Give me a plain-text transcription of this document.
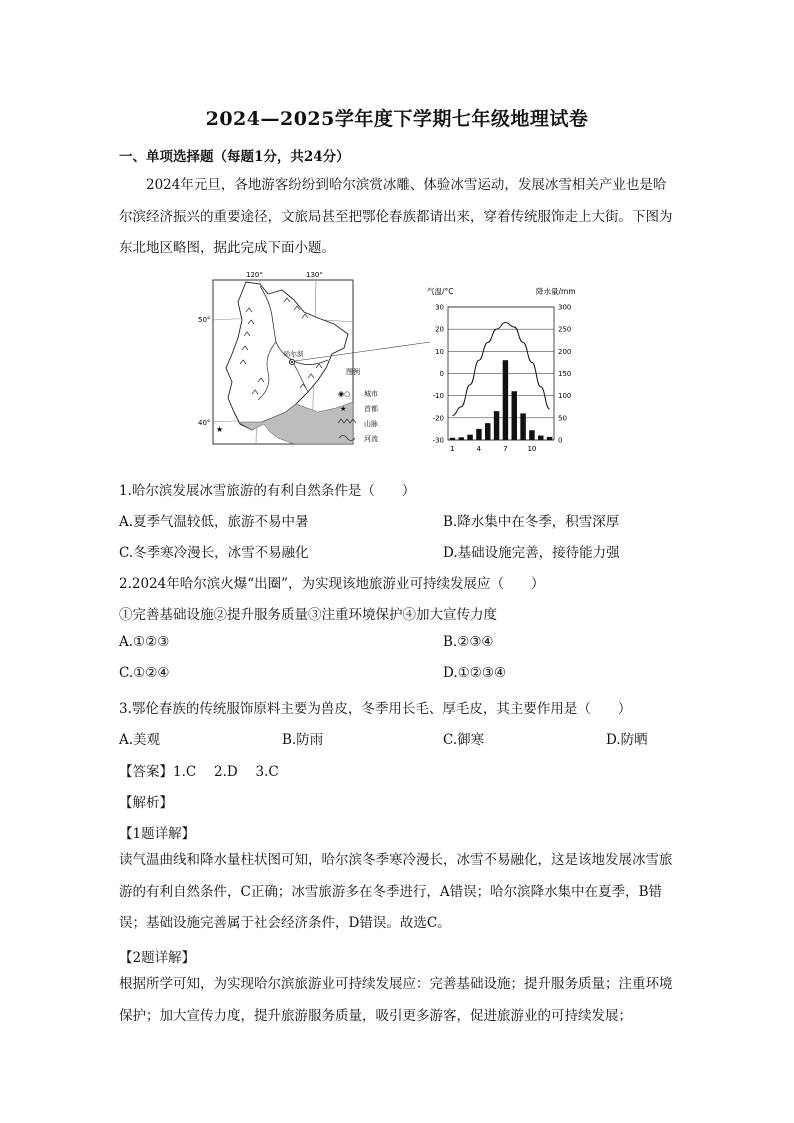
2024—2025学年度下学期七年级地理试卷
一、单项选择题（每题1分，共24分）
2024年元旦，各地游客纷纷到哈尔滨赏冰雕、体验冰雪运动，发展冰雪相关产业也是哈尔滨经济振兴的重要途径，文旅局甚至把鄂伦春族都请出来，穿着传统服饰走上大街。下图为东北地区略图，据此完成下面小题。
120°	130°
50°
40°
哈尔滨
★
图例
◉○ 城市
★	首都
山脉
河流
气温/°C	降水量/mm
30	300
20	250
10	200
0	150
-10	100
-20	50
-30	0
1	4	7	10
1.哈尔滨发展冰雪旅游的有利自然条件是（　　）
A.夏季气温较低，旅游不易中暑	B.降水集中在冬季，积雪深厚
C.冬季寒冷漫长，冰雪不易融化	D.基础设施完善，接待能力强
2.2024年哈尔滨火爆“出圈”，为实现该地旅游业可持续发展应（　　）
①完善基础设施②提升服务质量③注重环境保护④加大宣传力度
A.①②③	B.②③④
C.①②④	D.①②③④
3.鄂伦春族的传统服饰原料主要为兽皮，冬季用长毛、厚毛皮，其主要作用是（　　）
A.美观	B.防雨	C.御寒	D.防晒
【答案】1.C　 2.D　 3.C
【解析】
【1题详解】
读气温曲线和降水量柱状图可知，哈尔滨冬季寒冷漫长，冰雪不易融化，这是该地发展冰雪旅游的有利自然条件，C正确；冰雪旅游多在冬季进行，A错误；哈尔滨降水集中在夏季，B错误；基础设施完善属于社会经济条件，D错误。故选C。
【2题详解】
根据所学可知，为实现哈尔滨旅游业可持续发展应：完善基础设施；提升服务质量；注重环境保护；加大宣传力度，提升旅游服务质量，吸引更多游客，促进旅游业的可持续发展；
